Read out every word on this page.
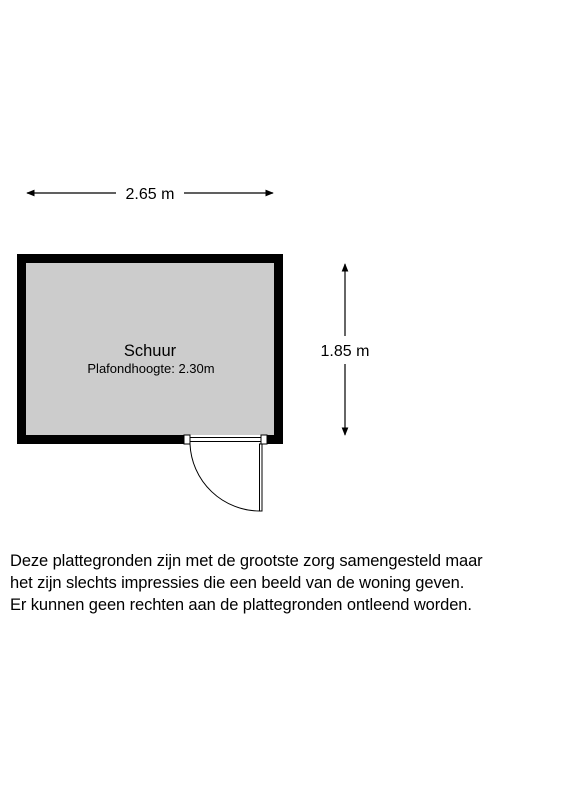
2.65 m
1.85 m
Schuur
Plafondhoogte: 2.30m
Deze plattegronden zijn met de grootste zorg samengesteld maar
het zijn slechts impressies die een beeld van de woning geven.
Er kunnen geen rechten aan de plattegronden ontleend worden.
